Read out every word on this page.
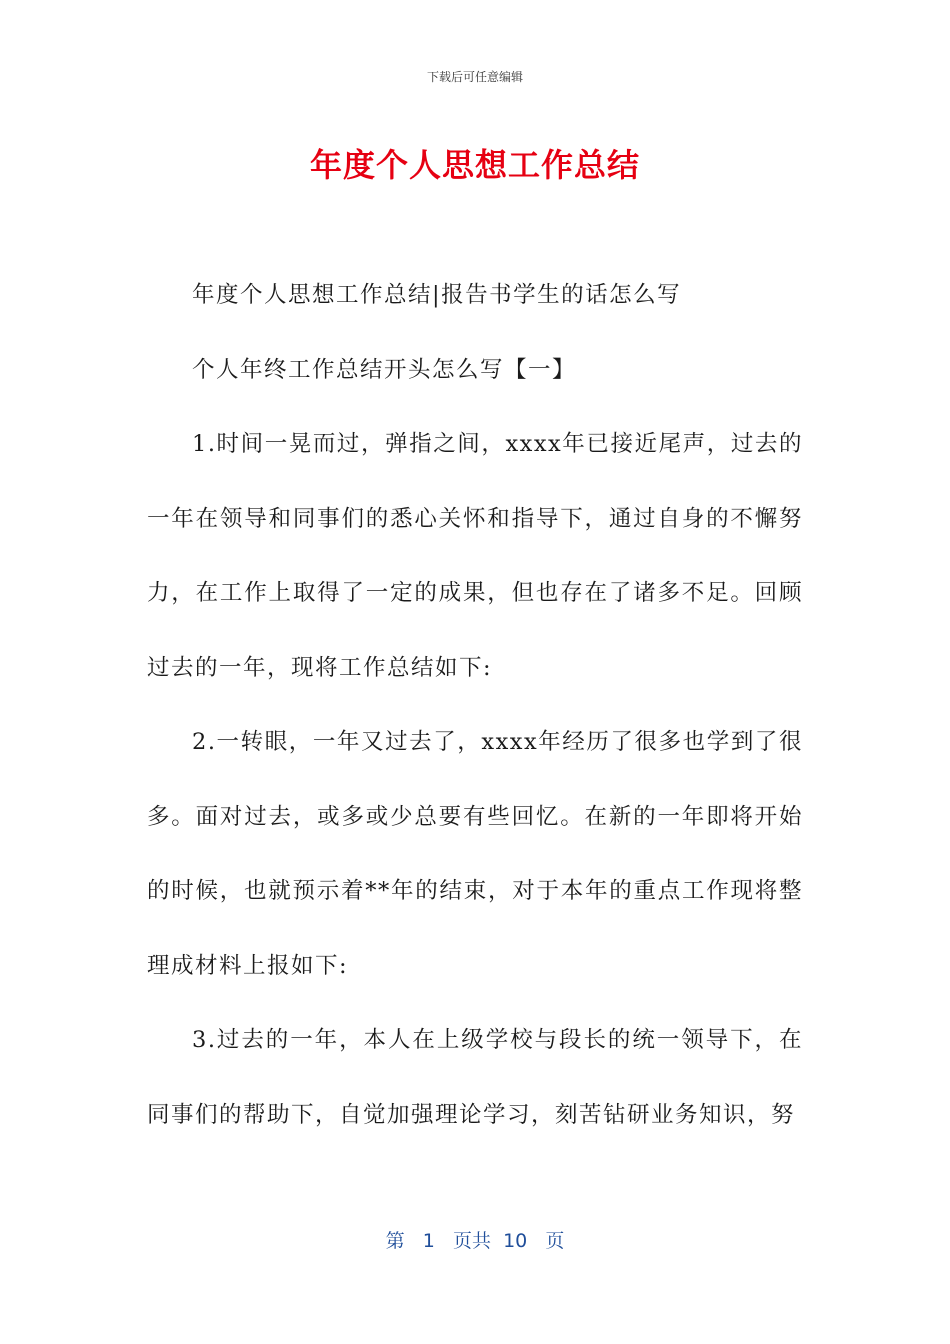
下载后可任意编辑
年度个人思想工作总结

年度个人思想工作总结|报告书学生的话怎么写

个人年终工作总结开头怎么写【一】

1.时间一晃而过，弹指之间，xxxx年已接近尾声，过去的一年在领导和同事们的悉心关怀和指导下，通过自身的不懈努力，在工作上取得了一定的成果，但也存在了诸多不足。回顾过去的一年，现将工作总结如下:

2.一转眼，一年又过去了，xxxx年经历了很多也学到了很多。面对过去，或多或少总要有些回忆。在新的一年即将开始的时候，也就预示着**年的结束，对于本年的重点工作现将整理成材料上报如下:

3.过去的一年，本人在上级学校与段长的统一领导下，在同事们的帮助下，自觉加强理论学习，刻苦钻研业务知识，努

第 1 页共 10 页
